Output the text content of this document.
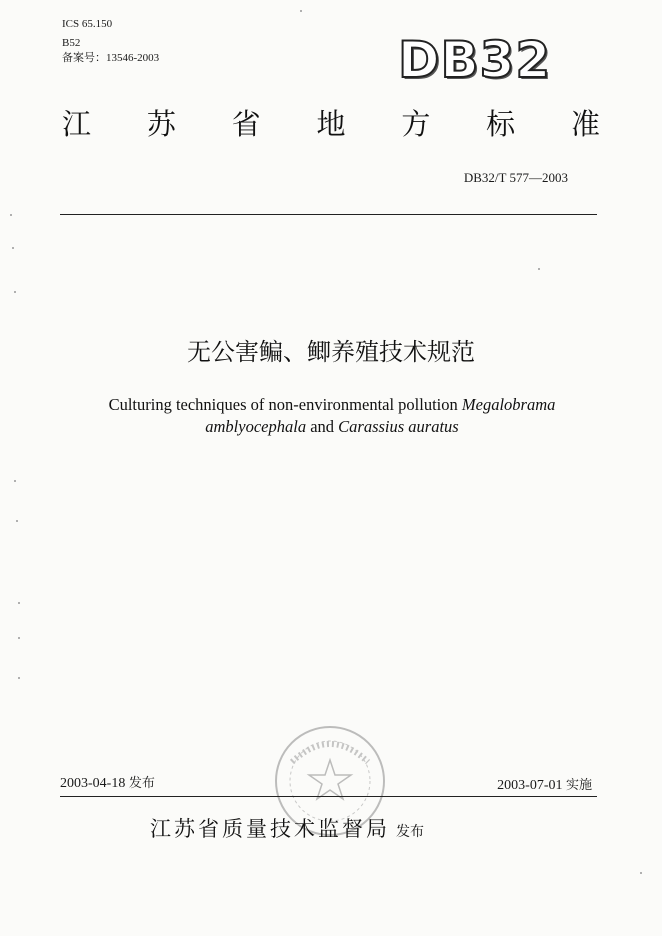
ICS 65.150
B52
备案号：13546-2003	DB32
江 苏 省 地 方 标 准
DB32/T 577—2003
无公害鳊、鲫养殖技术规范
Culturing techniques of non-environmental pollution Megalobrama amblyocephala and Carassius auratus
2003-04-18 发布	2003-07-01 实施
江苏省质量技术监督局 发布
